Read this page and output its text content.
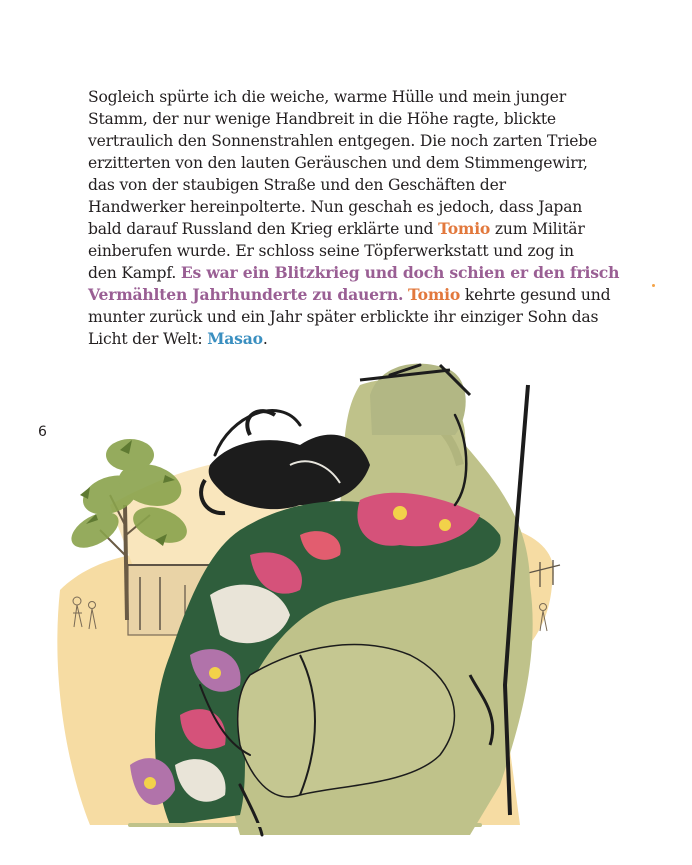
Sogleich spürte ich die weiche, warme Hülle und mein junger
Stamm, der nur wenige Handbreit in die Höhe ragte, blickte
vertraulich den Sonnenstrahlen entgegen. Die noch zarten Triebe
erzitterten von den lauten Geräuschen und dem Stimmengewirr,
das von der staubigen Straße und den Geschäften der
Handwerker hereinpolterte. Nun geschah es jedoch, dass Japan
bald darauf Russland den Krieg erklärte und Tomio zum Militär
einberufen wurde. Er schloss seine Töpferwerkstatt und zog in
den Kampf. Es war ein Blitzkrieg und doch schien er den frisch
Vermählten Jahrhunderte zu dauern. Tomio kehrte gesund und
munter zurück und ein Jahr später erblickte ihr einziger Sohn das
Licht der Welt: Masao.
6
